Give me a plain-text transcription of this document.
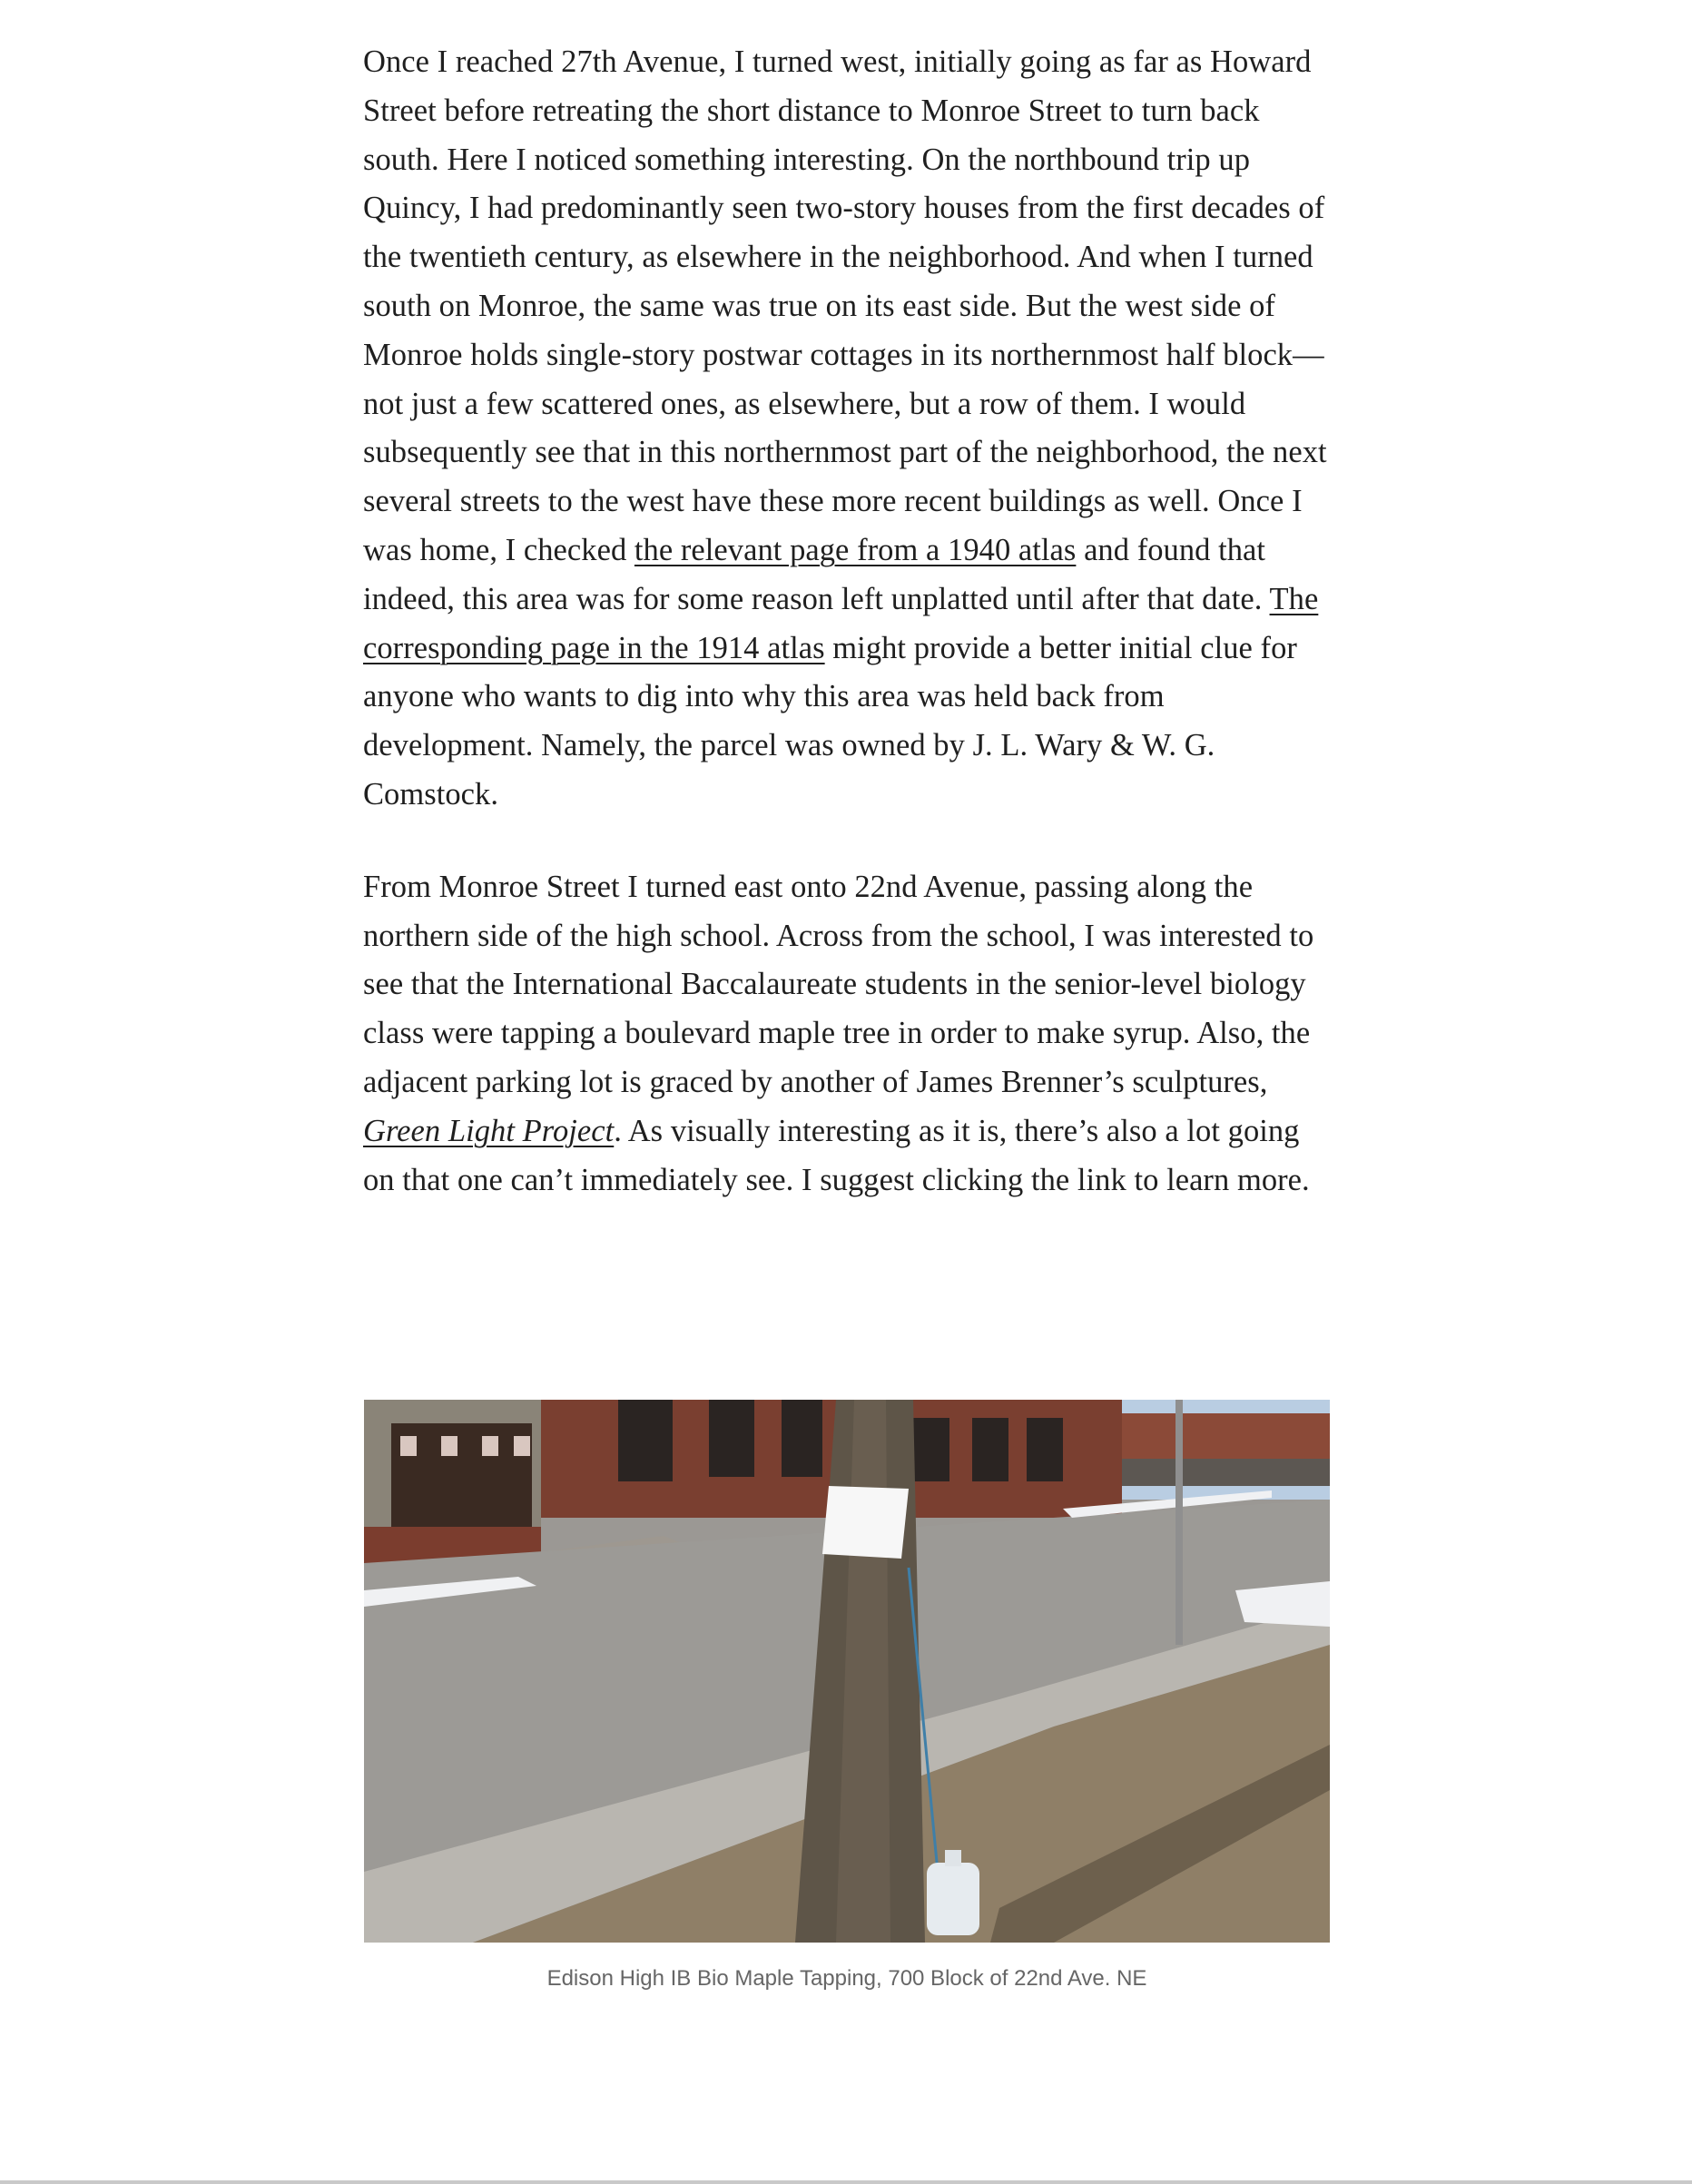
Once I reached 27th Avenue, I turned west, initially going as far as Howard Street before retreating the short distance to Monroe Street to turn back south. Here I noticed something interesting. On the northbound trip up Quincy, I had predominantly seen two-story houses from the first decades of the twentieth century, as elsewhere in the neighborhood. And when I turned south on Monroe, the same was true on its east side. But the west side of Monroe holds single-story postwar cottages in its northernmost half block—not just a few scattered ones, as elsewhere, but a row of them. I would subsequently see that in this northernmost part of the neighborhood, the next several streets to the west have these more recent buildings as well. Once I was home, I checked the relevant page from a 1940 atlas and found that indeed, this area was for some reason left unplatted until after that date. The corresponding page in the 1914 atlas might provide a better initial clue for anyone who wants to dig into why this area was held back from development. Namely, the parcel was owned by J. L. Wary & W. G. Comstock.

From Monroe Street I turned east onto 22nd Avenue, passing along the northern side of the high school. Across from the school, I was interested to see that the International Baccalaureate students in the senior-level biology class were tapping a boulevard maple tree in order to make syrup. Also, the adjacent parking lot is graced by another of James Brenner’s sculptures, Green Light Project. As visually interesting as it is, there’s also a lot going on that one can’t immediately see. I suggest clicking the link to learn more.

Edison High IB Bio Maple Tapping, 700 Block of 22nd Ave. NE
